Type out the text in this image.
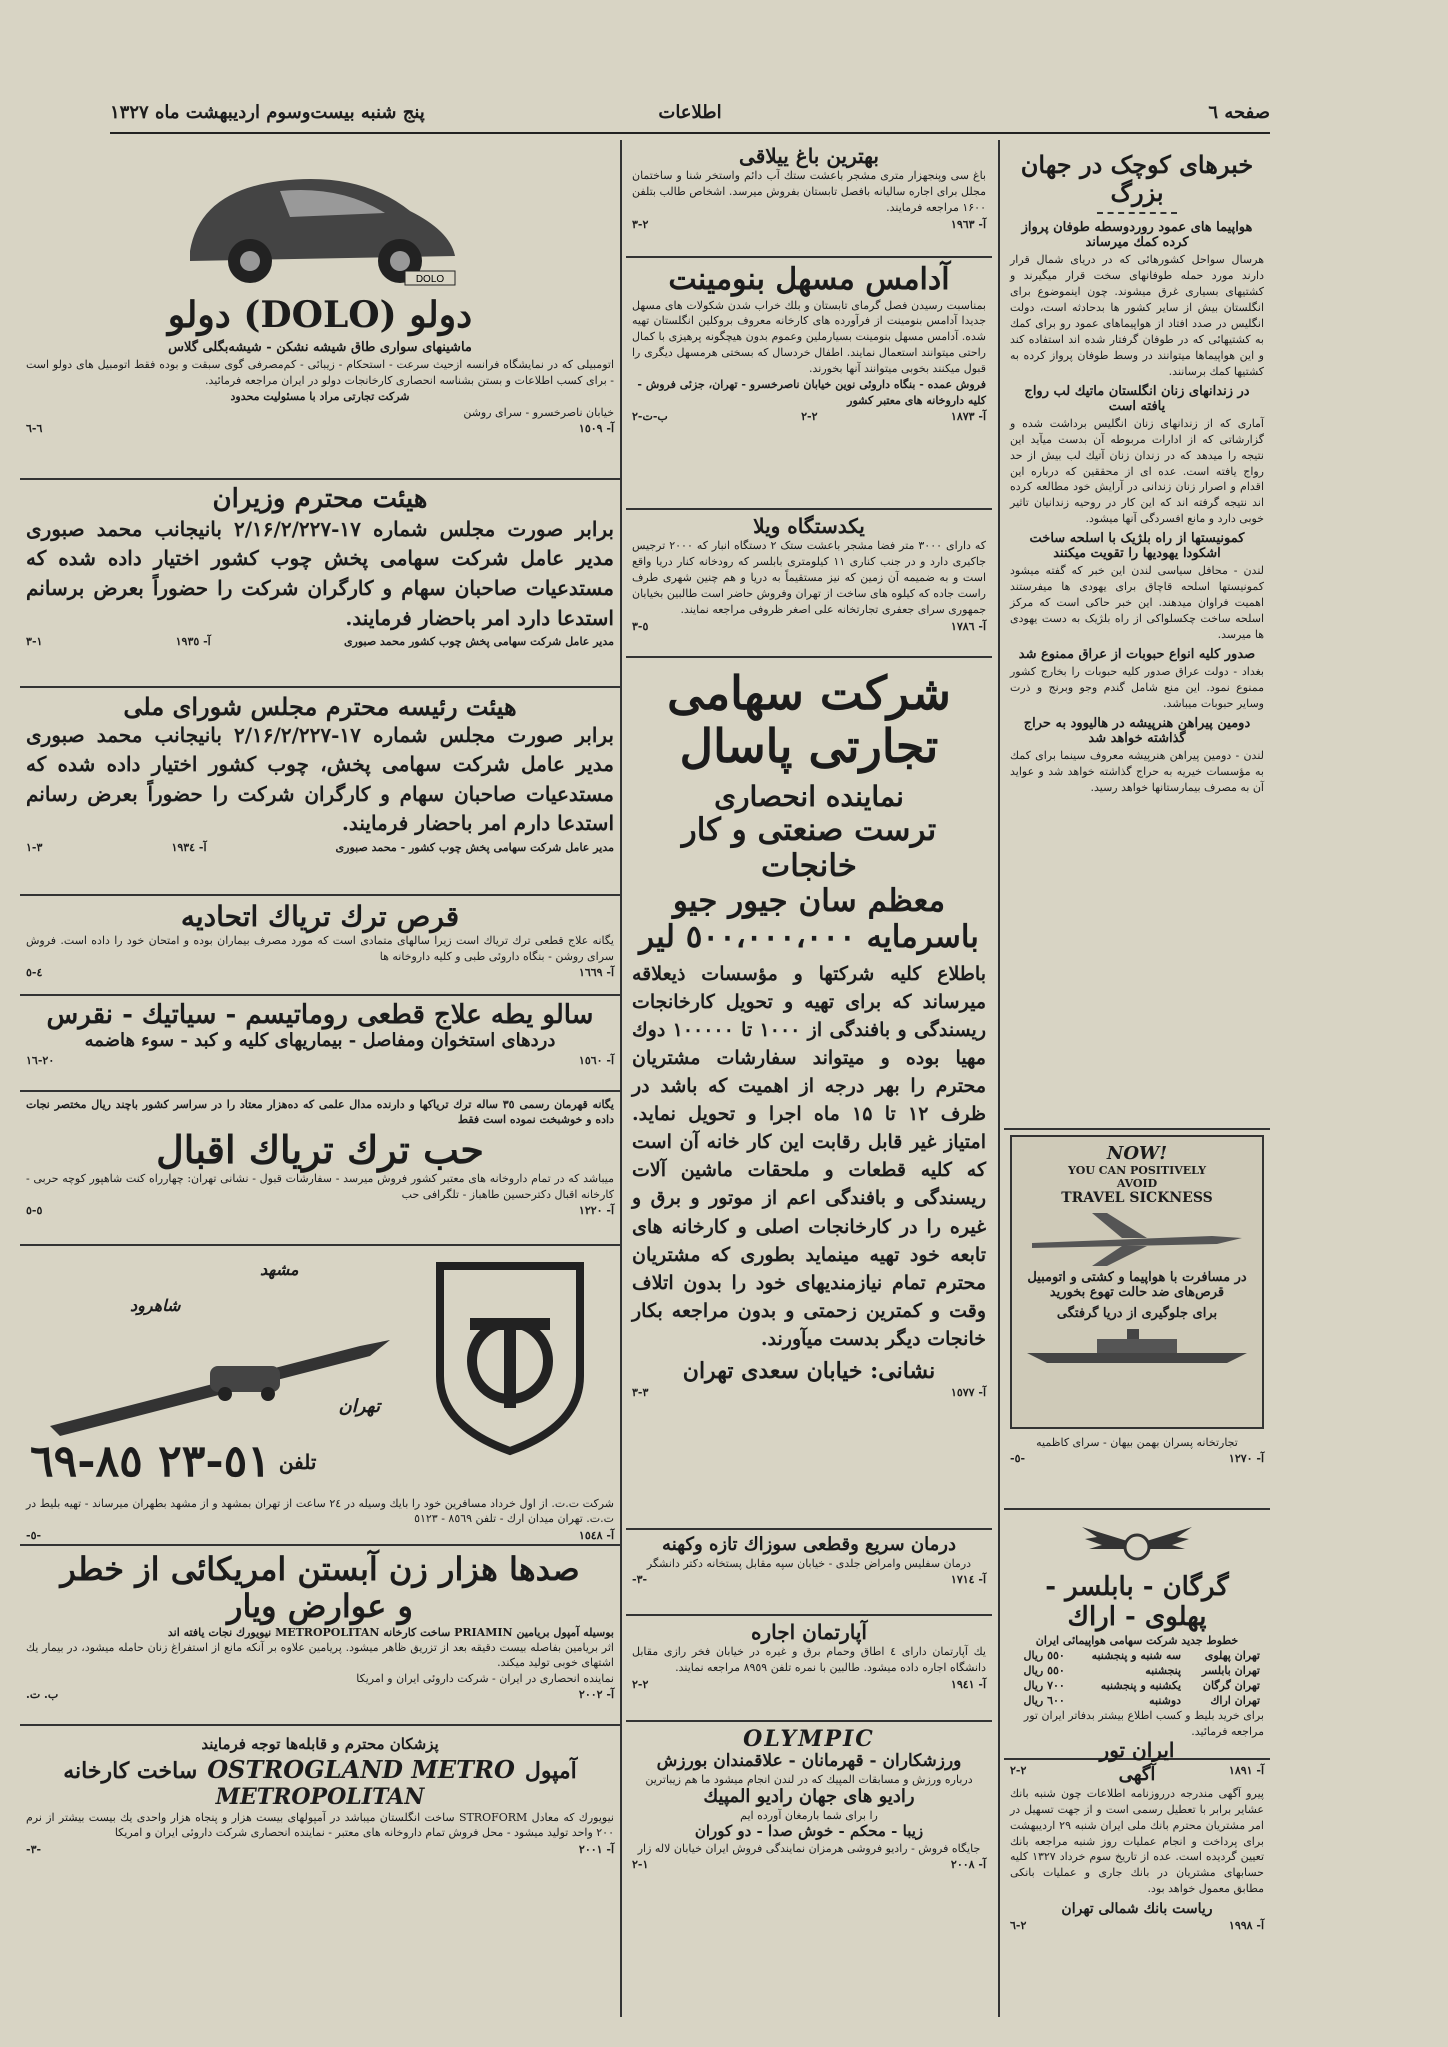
صفحه ٦
اطلاعات
پنج شنبه بیست‌وسوم اردیبهشت ماه ۱۳۲۷
خبرهای کوچک در جهان بزرگ
هواپیما های عمود روردوسطه طوفان پرواز کرده کمك میرساند
هرسال سواحل کشورهائی که در دریای شمال قرار دارند مورد حمله طوفانهای سخت قرار میگیرند و کشتیهای بسیاری غرق میشوند. چون اینموضوع برای انگلستان بیش از سایر کشور ها بدحادثه است، دولت انگلیس در صدد افتاد از هواپیماهای عمود رو برای کمك به کشتیهائی که در طوفان گرفتار شده اند استفاده کند و این هواپیماها میتوانند در وسط طوفان پرواز کرده به کشتیها کمك برسانند.
در زندانهای زنان انگلستان ماتیك لب رواج یافته است
آماری که از زندانهای زنان انگلیس برداشت شده و گزارشاتی که از ادارات مربوطه آن بدست میآید این نتیجه را میدهد که در زندان زنان آتیك لب بیش از حد رواج یافته است. عده ای از محققین که درباره این اقدام و اصرار زنان زندانی در آرایش خود مطالعه کرده اند نتیجه گرفته اند که این کار در روحیه زندانیان تاثیر خوبی دارد و مانع افسردگی آنها میشود.
کمونیستها از راه بلژیک با اسلحه ساخت اشکودا یهودیها را تقویت میکنند
لندن - محافل سیاسی لندن این خبر که گفته میشود کمونیستها اسلحه قاچاق برای یهودی ها میفرستند اهمیت فراوان میدهند. این خبر حاکی است که مرکز اسلحه ساخت چکسلواکی از راه بلژیک به دست یهودی ها میرسد.
صدور کلیه انواع حبوبات از عراق ممنوع شد
بغداد - دولت عراق صدور کلیه حبوبات را بخارج کشور ممنوع نمود. این منع شامل گندم وجو وبرنج و ذرت وسایر حبوبات میباشد.
دومین پیراهن هنرپیشه در هالیوود به حراج گذاشته خواهد شد
لندن - دومین پیراهن هنرپیشه معروف سینما برای کمك به مؤسسات خیریه به حراج گذاشته خواهد شد و عواید آن به مصرف بیمارستانها خواهد رسید.
NOW!
YOU CAN POSITIVELY
AVOID
TRAVEL SICKNESS
در مسافرت با هواپیما و کشتی و اتومبیل قرص‌های ضد حالت تهوع بخورید
برای جلوگیری از دریا گرفتگی
تجارتخانه پسران بهمن بیهان - سرای کاظمیه
آ- ١٢٧٠
-٥-
گرگان - بابلسر - پهلوی - اراك
خطوط جدید شرکت سهامی هواپیمائی ایران
تهران پهلوی	سه شنبه و پنجشنبه	٥٥٠ ریال
تهران بابلسر	پنجشنبه	٥٥٠ ریال
تهران گرگان	یکشنبه و پنجشنبه	٧٠٠ ریال
تهران اراك	دوشنبه	٦٠٠ ریال
برای خرید بلیط و کسب اطلاع بیشتر بدفاتر ایران تور مراجعه فرمائید.
ایران تور
آ- ١٨٩١
٢-٢	آگهی
پیرو آگهی مندرجه درروزنامه اطلاعات چون شنبه بانك عشایر برابر با تعطیل رسمی است و از جهت تسهیل در امر مشتریان محترم بانك ملی ایران شنبه ۲۹ اردیبهشت برای پرداخت و انجام عملیات روز شنبه مراجعه بانك تعیین گردیده است. عده از تاریخ سوم خرداد ۱۳۲۷ کلیه حسابهای مشتریان در بانك جاری و عملیات بانکی مطابق معمول خواهد بود.
ریاست بانك شمالی تهران
آ- ١٩٩٨
٢-٦
بهترین باغ ییلاقی
باغ سی وپنجهزار متری مشجر باعشت ستك آب دائم واستخر شنا و ساختمان مجلل برای اجاره سالیانه بافصل تابستان بفروش میرسد. اشخاص طالب بتلفن ۱۶۰۰ مراجعه فرمایند.
آ- ١٩٦٣
٢-٣
آدامس مسهل بنومینت
بمناسبت رسیدن فصل گرمای تابستان و بلك خراب شدن شکولات های مسهل جدیدا آدامس بنومینت از فرآورده های کارخانه معروف بروکلین انگلستان تهیه شده. آدامس مسهل بنومینت بسیارملین وعموم بدون هیچگونه پرهیزی با کمال راحتی میتوانند استعمال نمایند. اطفال خردسال که بسختی هرمسهل دیگری را قبول میکنند بخوبی میتوانند آنها بخورند.
فروش عمده - بنگاه داروئی نوین خیابان ناصرخسرو - تهران، جزئی فروش - کلیه داروخانه های معتبر کشور
آ- ١٨٧٣
٢-٢
ب-ت-٢
یکدستگاه ویلا
که دارای ٣٠٠٠ متر فضا مشجر باعشت ستک ٢ دستگاه انبار که ٢٠٠٠ ترجیس جاکیری دارد و در جنب کناری ١١ کیلومتری بابلسر که رودخانه کنار دریا واقع است و به ضمیمه آن زمین که نیز مستقیماً به دریا و هم چنین شهری طرف راست جاده که کیلوه های ساخت از تهران وفروش حاضر است طالبین بخیابان جمهوری سرای جعفری تجارتخانه علی اصغر ظروفی مراجعه نمایند.
آ- ١٧٨٦
٥-٣
شرکت سهامی
تجارتی پاسال
نماینده انحصاری
ترست صنعتی و کار خانجات
معظم سان جیور جیو
باسرمایه ٥٠٠،٠٠٠،٠٠٠ لیر
باطلاع کلیه شرکتها و مؤسسات ذیعلاقه میرساند که برای تهیه و تحویل کارخانجات ریسندگی و بافندگی از ۱۰۰۰ تا ۱۰۰۰۰۰ دوك مهیا بوده و میتواند سفارشات مشتریان محترم را بهر درجه از اهمیت که باشد در ظرف ۱۲ تا ۱۵ ماه اجرا و تحویل نماید. امتیاز غیر قابل رقابت این کار خانه آن است که کلیه قطعات و ملحقات ماشین آلات ریسندگی و بافندگی اعم از موتور و برق و غیره را در کارخانجات اصلی و کارخانه های تابعه خود تهیه مینماید بطوری که مشتریان محترم تمام نیازمندیهای خود را بدون اتلاف وقت و کمترین زحمتی و بدون مراجعه بکار خانجات دیگر بدست میآورند.
نشانی: خیابان سعدی تهران
آ- ١٥٧٧
٣-٣
درمان سریع وقطعی سوزاك تازه وکهنه
درمان سفلیس وامراض جلدی - خیابان سپه مقابل پستخانه دکتر دانشگر
آ- ١٧١٤
-٣-
آپارتمان اجاره
یك آپارتمان دارای ٤ اطاق وحمام برق و غیره در خیابان فخر رازی مقابل دانشگاه اجاره داده میشود. طالبین با نمره تلفن ٨٩٥٩ مراجعه نمایند.
آ- ١٩٤١
٢-٢
OLYMPIC
ورزشکاران - قهرمانان - علاقمندان بورزش
درباره ورزش و مسابقات المپیك که در لندن انجام میشود ما هم زیباترین
رادیو های جهان رادیو المپیك
را برای شما بارمغان آورده ایم
زیبا - محکم - خوش صدا - دو کوران
جایگاه فروش - رادیو فروشی هرمزان نمایندگی فروش ایران خیابان لاله زار
آ- ٢٠٠٨
١-٢
DOLO
دولو (DOLO) دولو
ماشینهای سواری طاق شیشه نشکن - شیشه‌بگلی گلاس
اتومبیلی که در نمایشگاه فرانسه ازحیث سرعت - استحکام - زیبائی - کم‌مصرفی گوی سبقت و بوده فقط اتومبیل های دولو است - برای کسب اطلاعات و بستن بشناسه انحصاری کارخانجات دولو در ایران مراجعه فرمائید.
شرکت تجارتی مراد با مسئولیت محدود
خیابان ناصرخسرو - سرای روشن
آ- ١٥٠٩
٦-٦
هیئت محترم وزیران
برابر صورت مجلس شماره ۱۷-۲/۱۶/۲/۲۲۷ بانیجانب محمد صبوری مدیر عامل شرکت سهامی پخش چوب کشور اختیار داده شده که مستدعیات صاحبان سهام و کارگران شرکت را حضوراً بعرض برسانم استدعا دارد امر باحضار فرمایند.
مدیر عامل شرکت سهامی پخش چوب کشور محمد صبوری
آ- ١٩٣٥
١-٣
هیئت رئیسه محترم مجلس شورای ملی
برابر صورت مجلس شماره ۱۷-۲/۱۶/۲/۲۲۷ بانیجانب محمد صبوری مدیر عامل شرکت سهامی پخش، چوب کشور اختیار داده شده که مستدعیات صاحبان سهام و کارگران شرکت را حضوراً بعرض رسانم استدعا دارم امر باحضار فرمایند.
مدیر عامل شرکت سهامی پخش چوب کشور - محمد صبوری
آ- ١٩٣٤
٣-١
قرص ترك تریاك اتحادیه
یگانه علاج قطعی ترك تریاك است زیرا سالهای متمادی است که مورد مصرف بیماران بوده و امتحان خود را داده است. فروش سرای روشن - بنگاه داروئی طبی و کلیه داروخانه ها
آ- ١٦٦٩
٤-٥
سالو یطه علاج قطعی روماتیسم - سیاتیك - نقرس
دردهای استخوان ومفاصل - بیماریهای کلیه و کبد - سوء هاضمه
آ- ١٥٦٠
٢٠-١٦
یگانه قهرمان رسمی ٣٥ ساله ترك تریاکها و دارنده مدال علمی که ده‌هزار معتاد را در سراسر کشور باچند ریال مختصر نجات داده و خوشبخت نموده است فقط
حب ترك تریاك اقبال
میباشد که در تمام داروخانه های معتبر کشور فروش میرسد - سفارشات قبول - نشانی تهران: چهارراه کنت شاهپور کوچه حربی - کارخانه اقبال دکترحسین طاهباز - تلگرافی حب
آ- ١٢٢٠
٥-٥
مشهد
شاهرود
تهران
تلفن
٥١-٢٣ ٨٥-٦٩
شرکت ت.ت. از اول خرداد مسافرین خود را بایك وسیله در ٢٤ ساعت از تهران بمشهد و از مشهد بطهران میرساند - تهیه بلیط در ت.ت. تهران میدان ارك - تلفن ٨٥٦٩ - ٥١٢٣
آ- ١٥٤٨
-٥-
صدها هزار زن آبستن امریکائی از خطر
و عوارض ویار
بوسیله آمپول بریامین PRIAMIN ساخت کارخانه METROPOLITAN نیویورك نجات یافته اند
اثر بریامین بفاصله بیست دقیقه بعد از تزریق ظاهر میشود. پریامین علاوه بر آنکه مانع از استفراغ زنان حامله میشود، در بیمار یك اشتهای خوبی تولید میکند.
نماینده انحصاری در ایران - شرکت داروئی ایران و امریکا
آ- ٢٠٠٢
ب. ت.
پزشکان محترم و قابله‌ها توجه فرمایند
آمپول
OSTROGLAND METRO
ساخت کارخانه
METROPOLITAN
نیویورك که معادل STROFORM ساخت انگلستان میباشد در آمپولهای بیست هزار و پنجاه هزار واحدی یك بیست بیشتر از نرم ٢٠٠ واحد تولید میشود - محل فروش تمام داروخانه های معتبر - نماینده انحصاری شرکت داروئی ایران و امریکا
آ- ٢٠٠١
-٣-
